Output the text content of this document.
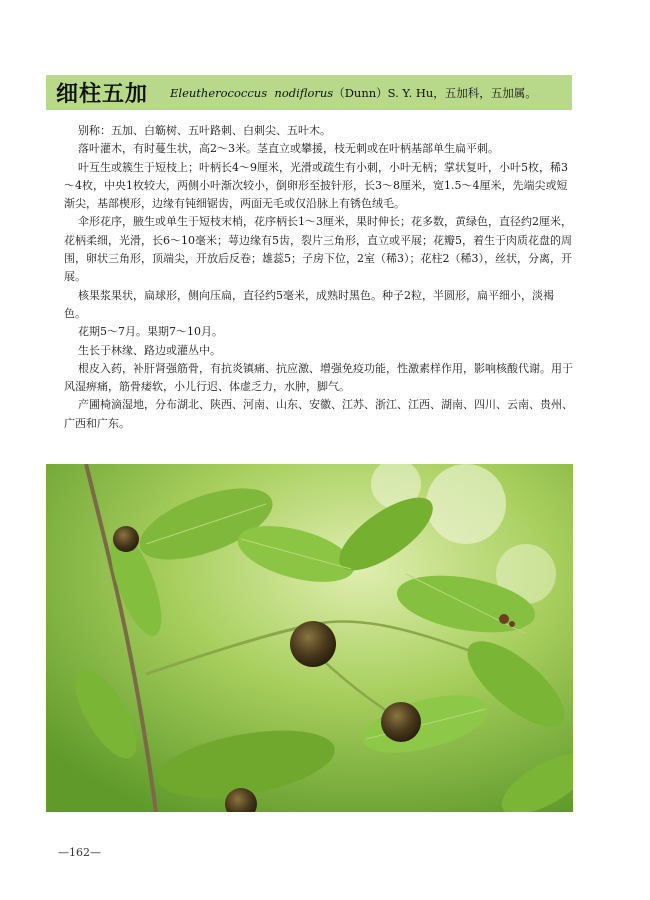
细柱五加 Eleutherococcus nodiflorus（Dunn）S. Y. Hu，五加科，五加属。

别称：五加、白簕树、五叶路刺、白刺尖、五叶木。

落叶灌木，有时蔓生状，高2～3米。茎直立或攀援，枝无刺或在叶柄基部单生扁平刺。

叶互生或簇生于短枝上；叶柄长4～9厘米，光滑或疏生有小刺，小叶无柄；掌状复叶，小叶5枚，稀3～4枚，中央1枚较大，两侧小叶渐次较小，倒卵形至披针形，长3～8厘米，宽1.5～4厘米，先端尖或短渐尖，基部楔形，边缘有钝细锯齿，两面无毛或仅沿脉上有锈色绒毛。

伞形花序，腋生或单生于短枝末梢，花序柄长1～3厘米，果时伸长；花多数，黄绿色，直径约2厘米，花柄柔细，光滑，长6～10毫米；萼边缘有5齿，裂片三角形，直立或平展；花瓣5，着生于肉质花盘的周围，卵状三角形，顶端尖，开放后反卷；雄蕊5；子房下位，2室（稀3）；花柱2（稀3），丝状，分离，开展。

核果浆果状，扁球形，侧向压扁，直径约5毫米，成熟时黑色。种子2粒，半圆形，扁平细小，淡褐色。

花期5～7月。果期7～10月。

生长于林缘、路边或灌丛中。

根皮入药，补肝肾强筋骨，有抗炎镇痛、抗应激、增强免疫功能，性激素样作用，影响核酸代谢。用于风湿痹痛，筋骨痿软，小儿行迟、体虚乏力，水肿，脚气。

产圃椅滴湿地，分布湖北、陕西、河南、山东、安徽、江苏、浙江、江西、湖南、四川、云南、贵州、广西和广东。

—162—
